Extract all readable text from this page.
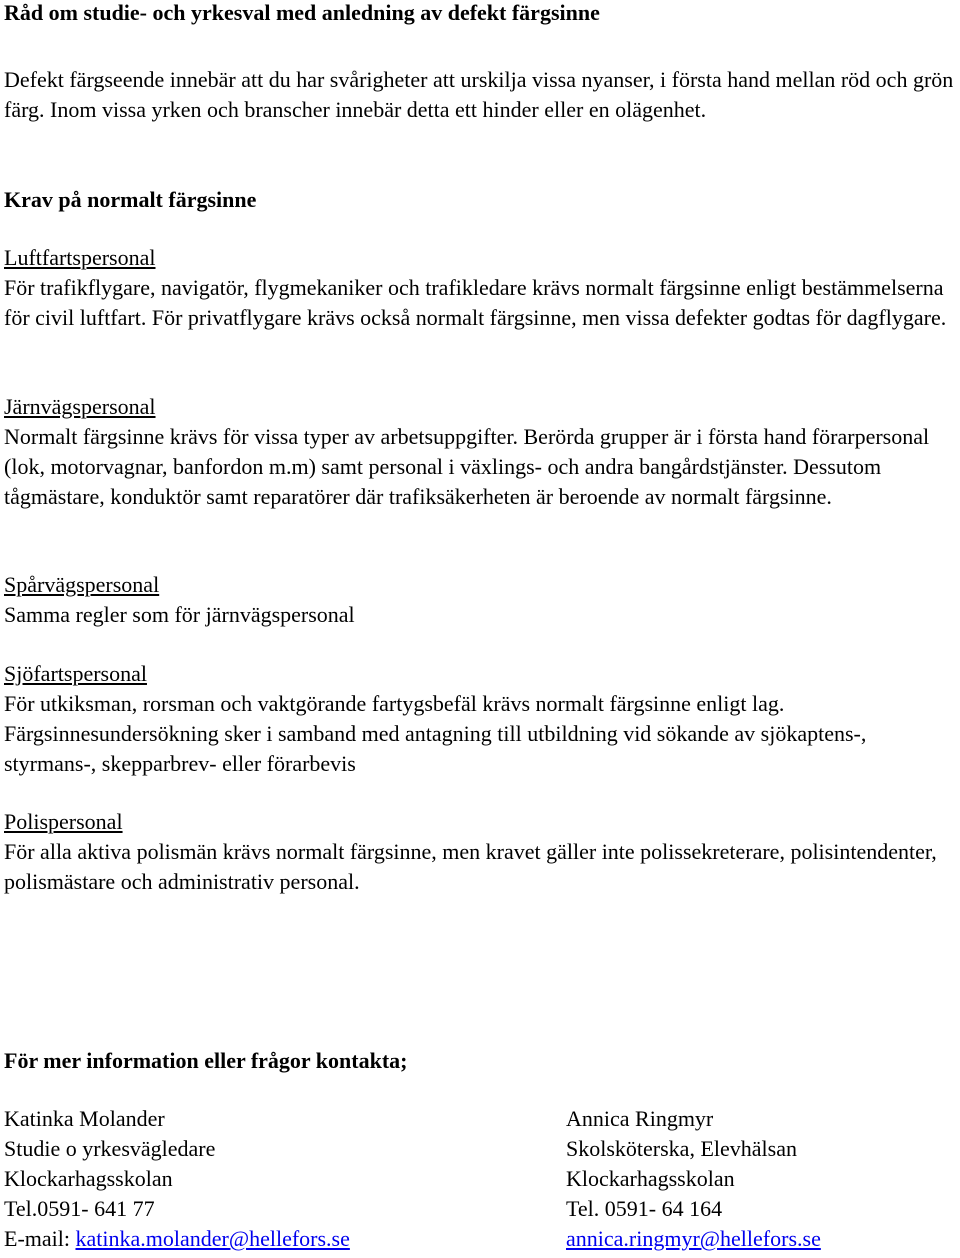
Råd om studie- och yrkesval med anledning av defekt färgsinne

Defekt färgseende innebär att du har svårigheter att urskilja vissa nyanser, i första hand mellan röd och grön färg. Inom vissa yrken och branscher innebär detta ett hinder eller en olägenhet.

Krav på normalt färgsinne
Luftfartspersonal

För trafikflygare, navigatör, flygmekaniker och trafikledare krävs normalt färgsinne enligt bestämmelserna för civil luftfart. För privatflygare krävs också normalt färgsinne, men vissa defekter godtas för dagflygare.

Järnvägspersonal

Normalt färgsinne krävs för vissa typer av arbetsuppgifter. Berörda grupper är i första hand förarpersonal (lok, motorvagnar, banfordon m.m) samt personal i växlings- och andra bangårdstjänster. Dessutom tågmästare, konduktör samt reparatörer där trafiksäkerheten är beroende av normalt färgsinne.

Spårvägspersonal

Samma regler som för järnvägspersonal

Sjöfartspersonal

För utkiksman, rorsman och vaktgörande fartygsbefäl krävs normalt färgsinne enligt lag. Färgsinnesundersökning sker i samband med antagning till utbildning vid sökande av sjökaptens-, styrmans-, skepparbrev- eller förarbevis

Polispersonal

För alla aktiva polismän krävs normalt färgsinne, men kravet gäller inte polissekreterare, polisintendenter, polismästare och administrativ personal.

För mer information eller frågor kontakta;
Katinka Molander
Studie o yrkesvägledare
Klockarhagsskolan
Tel.0591- 641 77
E-mail: katinka.molander@hellefors.se
Annica Ringmyr
Skolsköterska, Elevhälsan
Klockarhagsskolan
Tel. 0591- 64 164
annica.ringmyr@hellefors.se
